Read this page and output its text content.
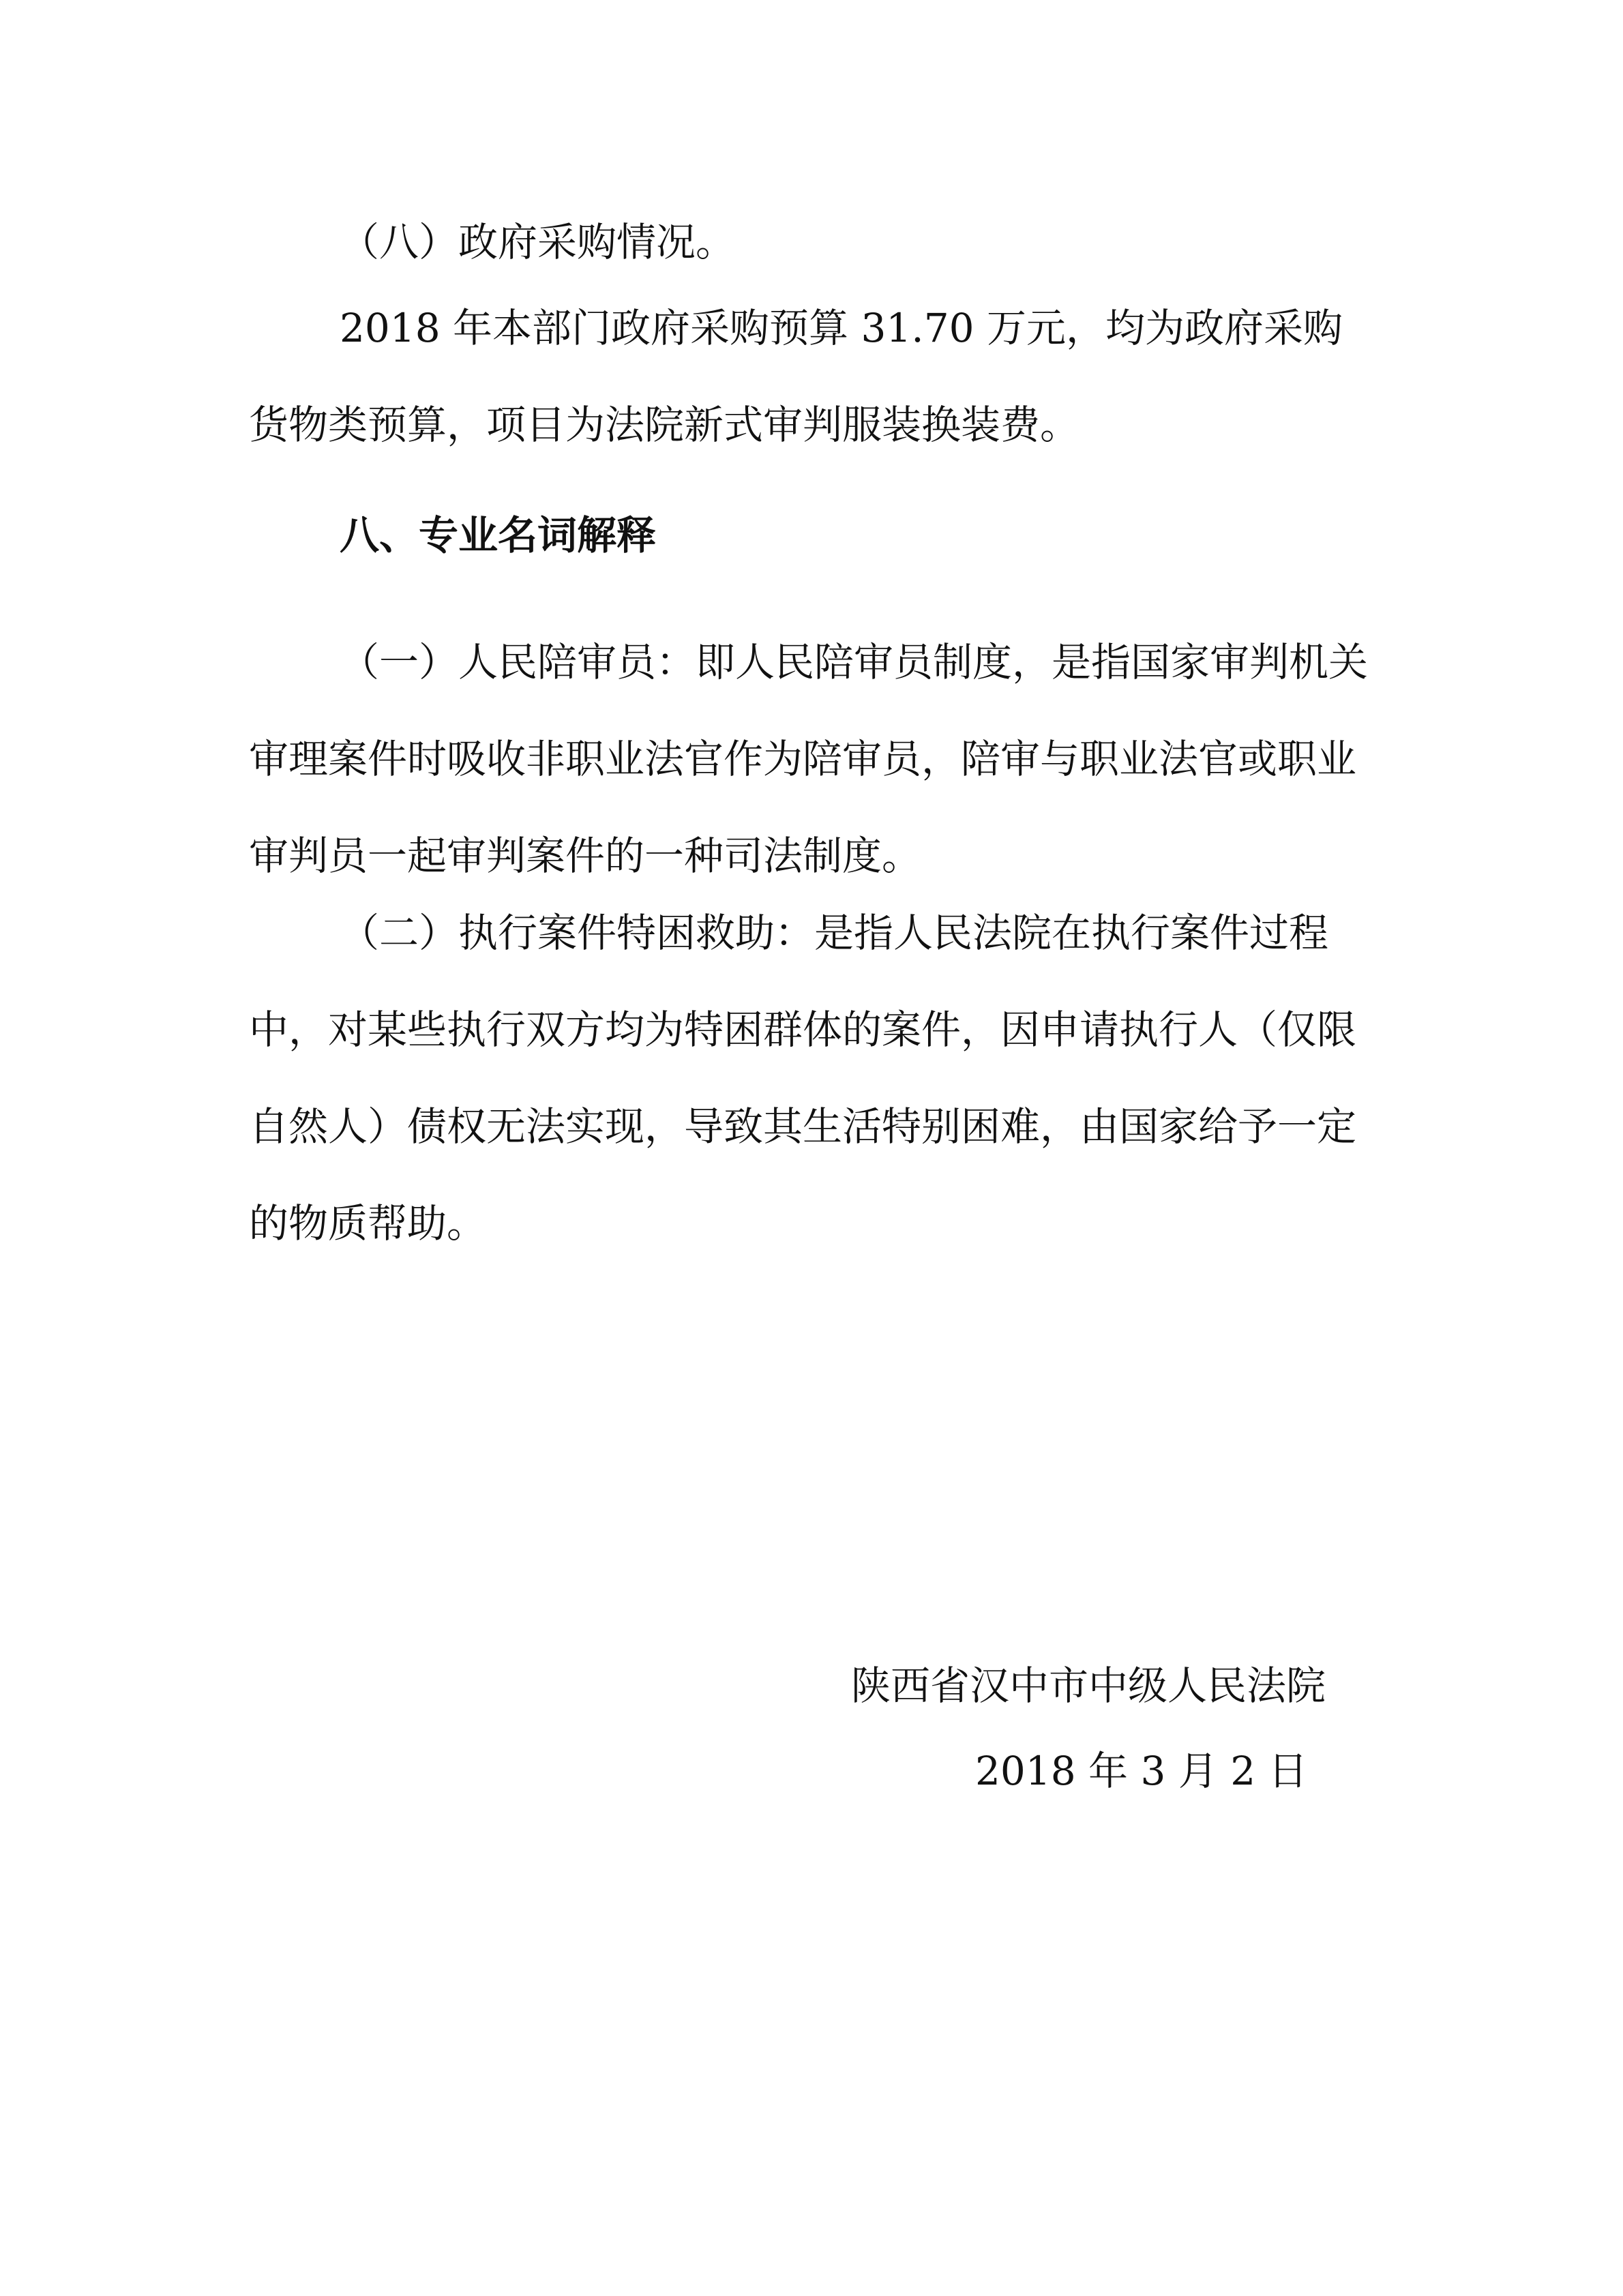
（八）政府采购情况。
2018 年本部门政府采购预算 31.70 万元，均为政府采购货物类预算，项目为法院新式审判服装换装费。
八、专业名词解释
（一）人民陪审员：即人民陪审员制度，是指国家审判机关审理案件时吸收非职业法官作为陪审员，陪审与职业法官或职业审判员一起审判案件的一种司法制度。
（二）执行案件特困救助：是指人民法院在执行案件过程中，对某些执行双方均为特困群体的案件，因申请执行人（仅限自然人）债权无法实现，导致其生活特别困难，由国家给予一定的物质帮助。
陕西省汉中市中级人民法院
2018 年 3 月 2 日
